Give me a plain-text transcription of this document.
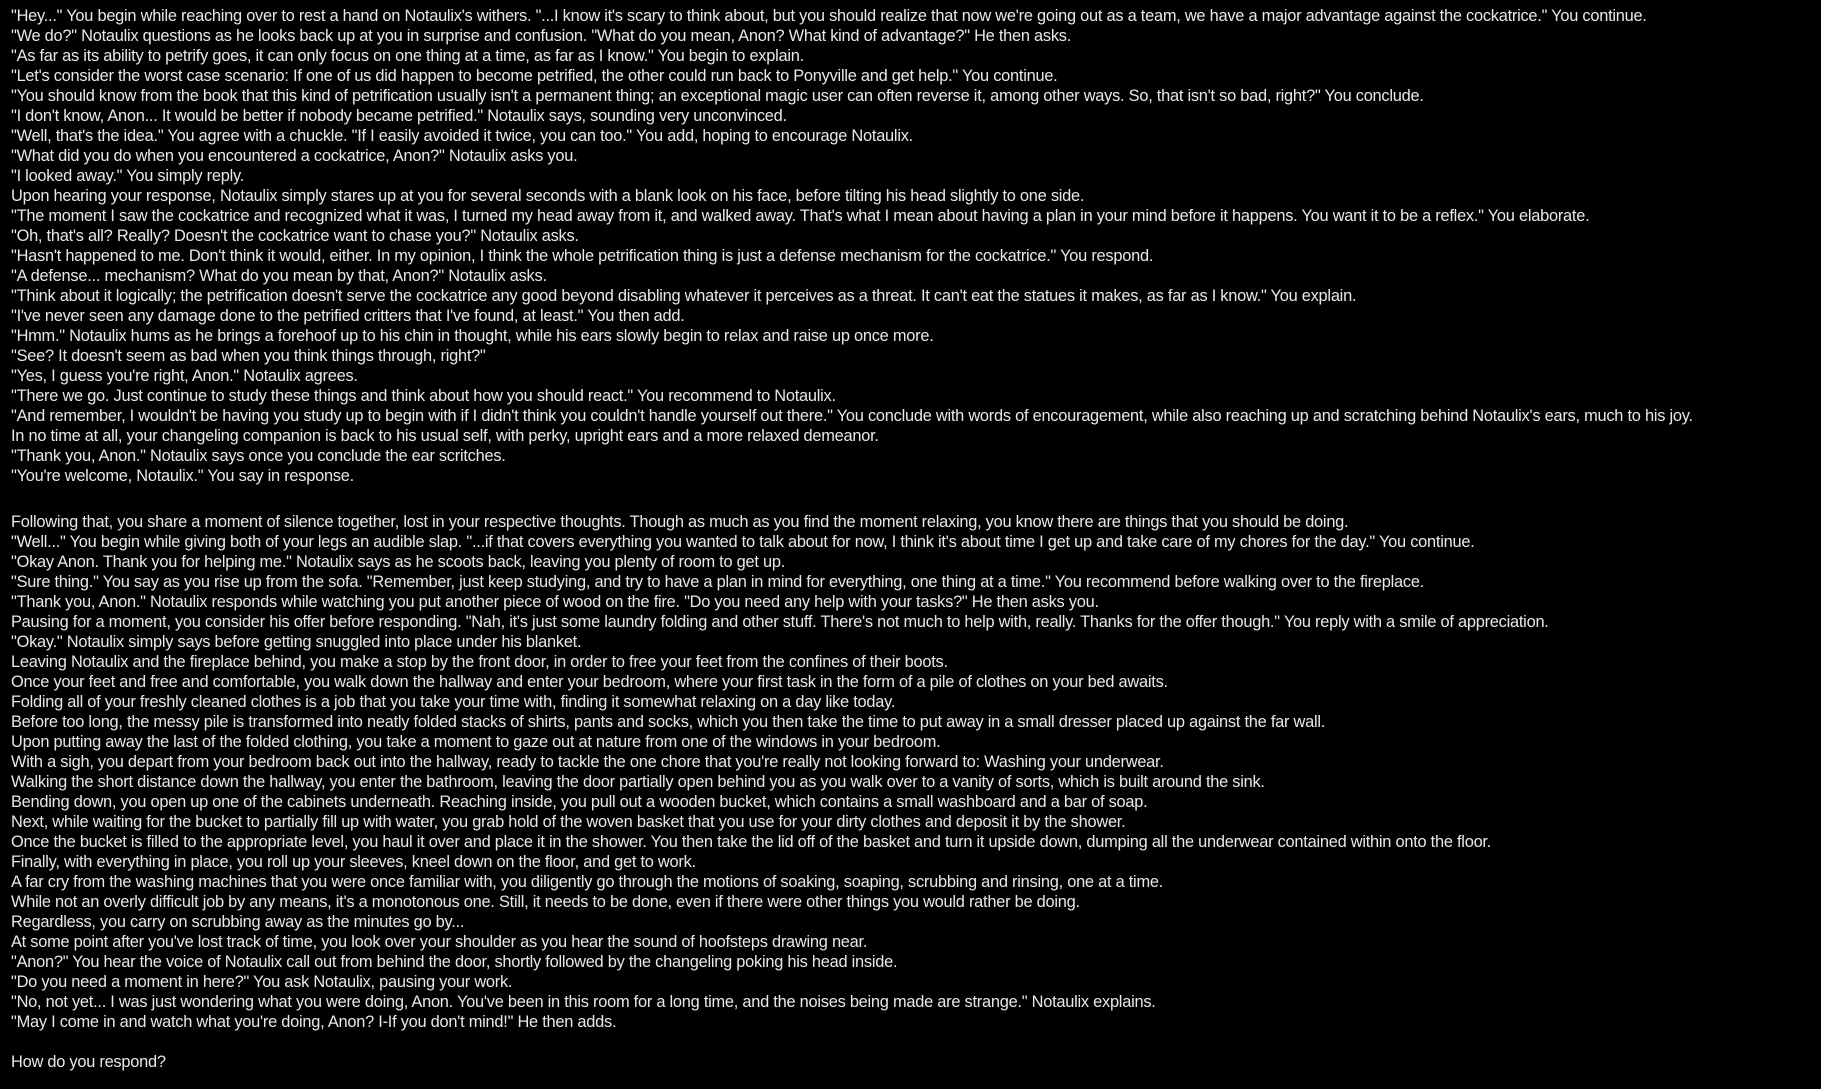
"Hey..." You begin while reaching over to rest a hand on Notaulix's withers. "...I know it's scary to think about, but you should realize that now we're going out as a team, we have a major advantage against the cockatrice." You continue.
"We do?" Notaulix questions as he looks back up at you in surprise and confusion. "What do you mean, Anon? What kind of advantage?" He then asks.
"As far as its ability to petrify goes, it can only focus on one thing at a time, as far as I know." You begin to explain.
"Let's consider the worst case scenario: If one of us did happen to become petrified, the other could run back to Ponyville and get help." You continue.
"You should know from the book that this kind of petrification usually isn't a permanent thing; an exceptional magic user can often reverse it, among other ways. So, that isn't so bad, right?" You conclude.
"I don't know, Anon... It would be better if nobody became petrified." Notaulix says, sounding very unconvinced.
"Well, that's the idea." You agree with a chuckle. "If I easily avoided it twice, you can too." You add, hoping to encourage Notaulix.
"What did you do when you encountered a cockatrice, Anon?" Notaulix asks you.
"I looked away." You simply reply.
Upon hearing your response, Notaulix simply stares up at you for several seconds with a blank look on his face, before tilting his head slightly to one side.
"The moment I saw the cockatrice and recognized what it was, I turned my head away from it, and walked away. That's what I mean about having a plan in your mind before it happens. You want it to be a reflex." You elaborate.
"Oh, that's all? Really? Doesn't the cockatrice want to chase you?" Notaulix asks.
"Hasn't happened to me. Don't think it would, either. In my opinion, I think the whole petrification thing is just a defense mechanism for the cockatrice." You respond.
"A defense... mechanism? What do you mean by that, Anon?" Notaulix asks.
"Think about it logically; the petrification doesn't serve the cockatrice any good beyond disabling whatever it perceives as a threat. It can't eat the statues it makes, as far as I know." You explain.
"I've never seen any damage done to the petrified critters that I've found, at least." You then add.
"Hmm." Notaulix hums as he brings a forehoof up to his chin in thought, while his ears slowly begin to relax and raise up once more.
"See? It doesn't seem as bad when you think things through, right?"
"Yes, I guess you're right, Anon." Notaulix agrees.
"There we go. Just continue to study these things and think about how you should react." You recommend to Notaulix.
"And remember, I wouldn't be having you study up to begin with if I didn't think you couldn't handle yourself out there." You conclude with words of encouragement, while also reaching up and scratching behind Notaulix's ears, much to his joy.
In no time at all, your changeling companion is back to his usual self, with perky, upright ears and a more relaxed demeanor.
"Thank you, Anon." Notaulix says once you conclude the ear scritches.
"You're welcome, Notaulix." You say in response.
Following that, you share a moment of silence together, lost in your respective thoughts. Though as much as you find the moment relaxing, you know there are things that you should be doing.
"Well..." You begin while giving both of your legs an audible slap. "...if that covers everything you wanted to talk about for now, I think it's about time I get up and take care of my chores for the day." You continue.
"Okay Anon. Thank you for helping me." Notaulix says as he scoots back, leaving you plenty of room to get up.
"Sure thing." You say as you rise up from the sofa. "Remember, just keep studying, and try to have a plan in mind for everything, one thing at a time." You recommend before walking over to the fireplace.
"Thank you, Anon." Notaulix responds while watching you put another piece of wood on the fire. "Do you need any help with your tasks?" He then asks you.
Pausing for a moment, you consider his offer before responding. "Nah, it's just some laundry folding and other stuff. There's not much to help with, really. Thanks for the offer though." You reply with a smile of appreciation.
"Okay." Notaulix simply says before getting snuggled into place under his blanket.
Leaving Notaulix and the fireplace behind, you make a stop by the front door, in order to free your feet from the confines of their boots.
Once your feet and free and comfortable, you walk down the hallway and enter your bedroom, where your first task in the form of a pile of clothes on your bed awaits.
Folding all of your freshly cleaned clothes is a job that you take your time with, finding it somewhat relaxing on a day like today.
Before too long, the messy pile is transformed into neatly folded stacks of shirts, pants and socks, which you then take the time to put away in a small dresser placed up against the far wall.
Upon putting away the last of the folded clothing, you take a moment to gaze out at nature from one of the windows in your bedroom.
With a sigh, you depart from your bedroom back out into the hallway, ready to tackle the one chore that you're really not looking forward to: Washing your underwear.
Walking the short distance down the hallway, you enter the bathroom, leaving the door partially open behind you as you walk over to a vanity of sorts, which is built around the sink.
Bending down, you open up one of the cabinets underneath. Reaching inside, you pull out a wooden bucket, which contains a small washboard and a bar of soap.
Next, while waiting for the bucket to partially fill up with water, you grab hold of the woven basket that you use for your dirty clothes and deposit it by the shower.
Once the bucket is filled to the appropriate level, you haul it over and place it in the shower. You then take the lid off of the basket and turn it upside down, dumping all the underwear contained within onto the floor.
Finally, with everything in place, you roll up your sleeves, kneel down on the floor, and get to work.
A far cry from the washing machines that you were once familiar with, you diligently go through the motions of soaking, soaping, scrubbing and rinsing, one at a time.
While not an overly difficult job by any means, it's a monotonous one. Still, it needs to be done, even if there were other things you would rather be doing.
Regardless, you carry on scrubbing away as the minutes go by...
At some point after you've lost track of time, you look over your shoulder as you hear the sound of hoofsteps drawing near.
"Anon?" You hear the voice of Notaulix call out from behind the door, shortly followed by the changeling poking his head inside.
"Do you need a moment in here?" You ask Notaulix, pausing your work.
"No, not yet... I was just wondering what you were doing, Anon. You've been in this room for a long time, and the noises being made are strange." Notaulix explains.
"May I come in and watch what you're doing, Anon? I-If you don't mind!" He then adds.
How do you respond?
